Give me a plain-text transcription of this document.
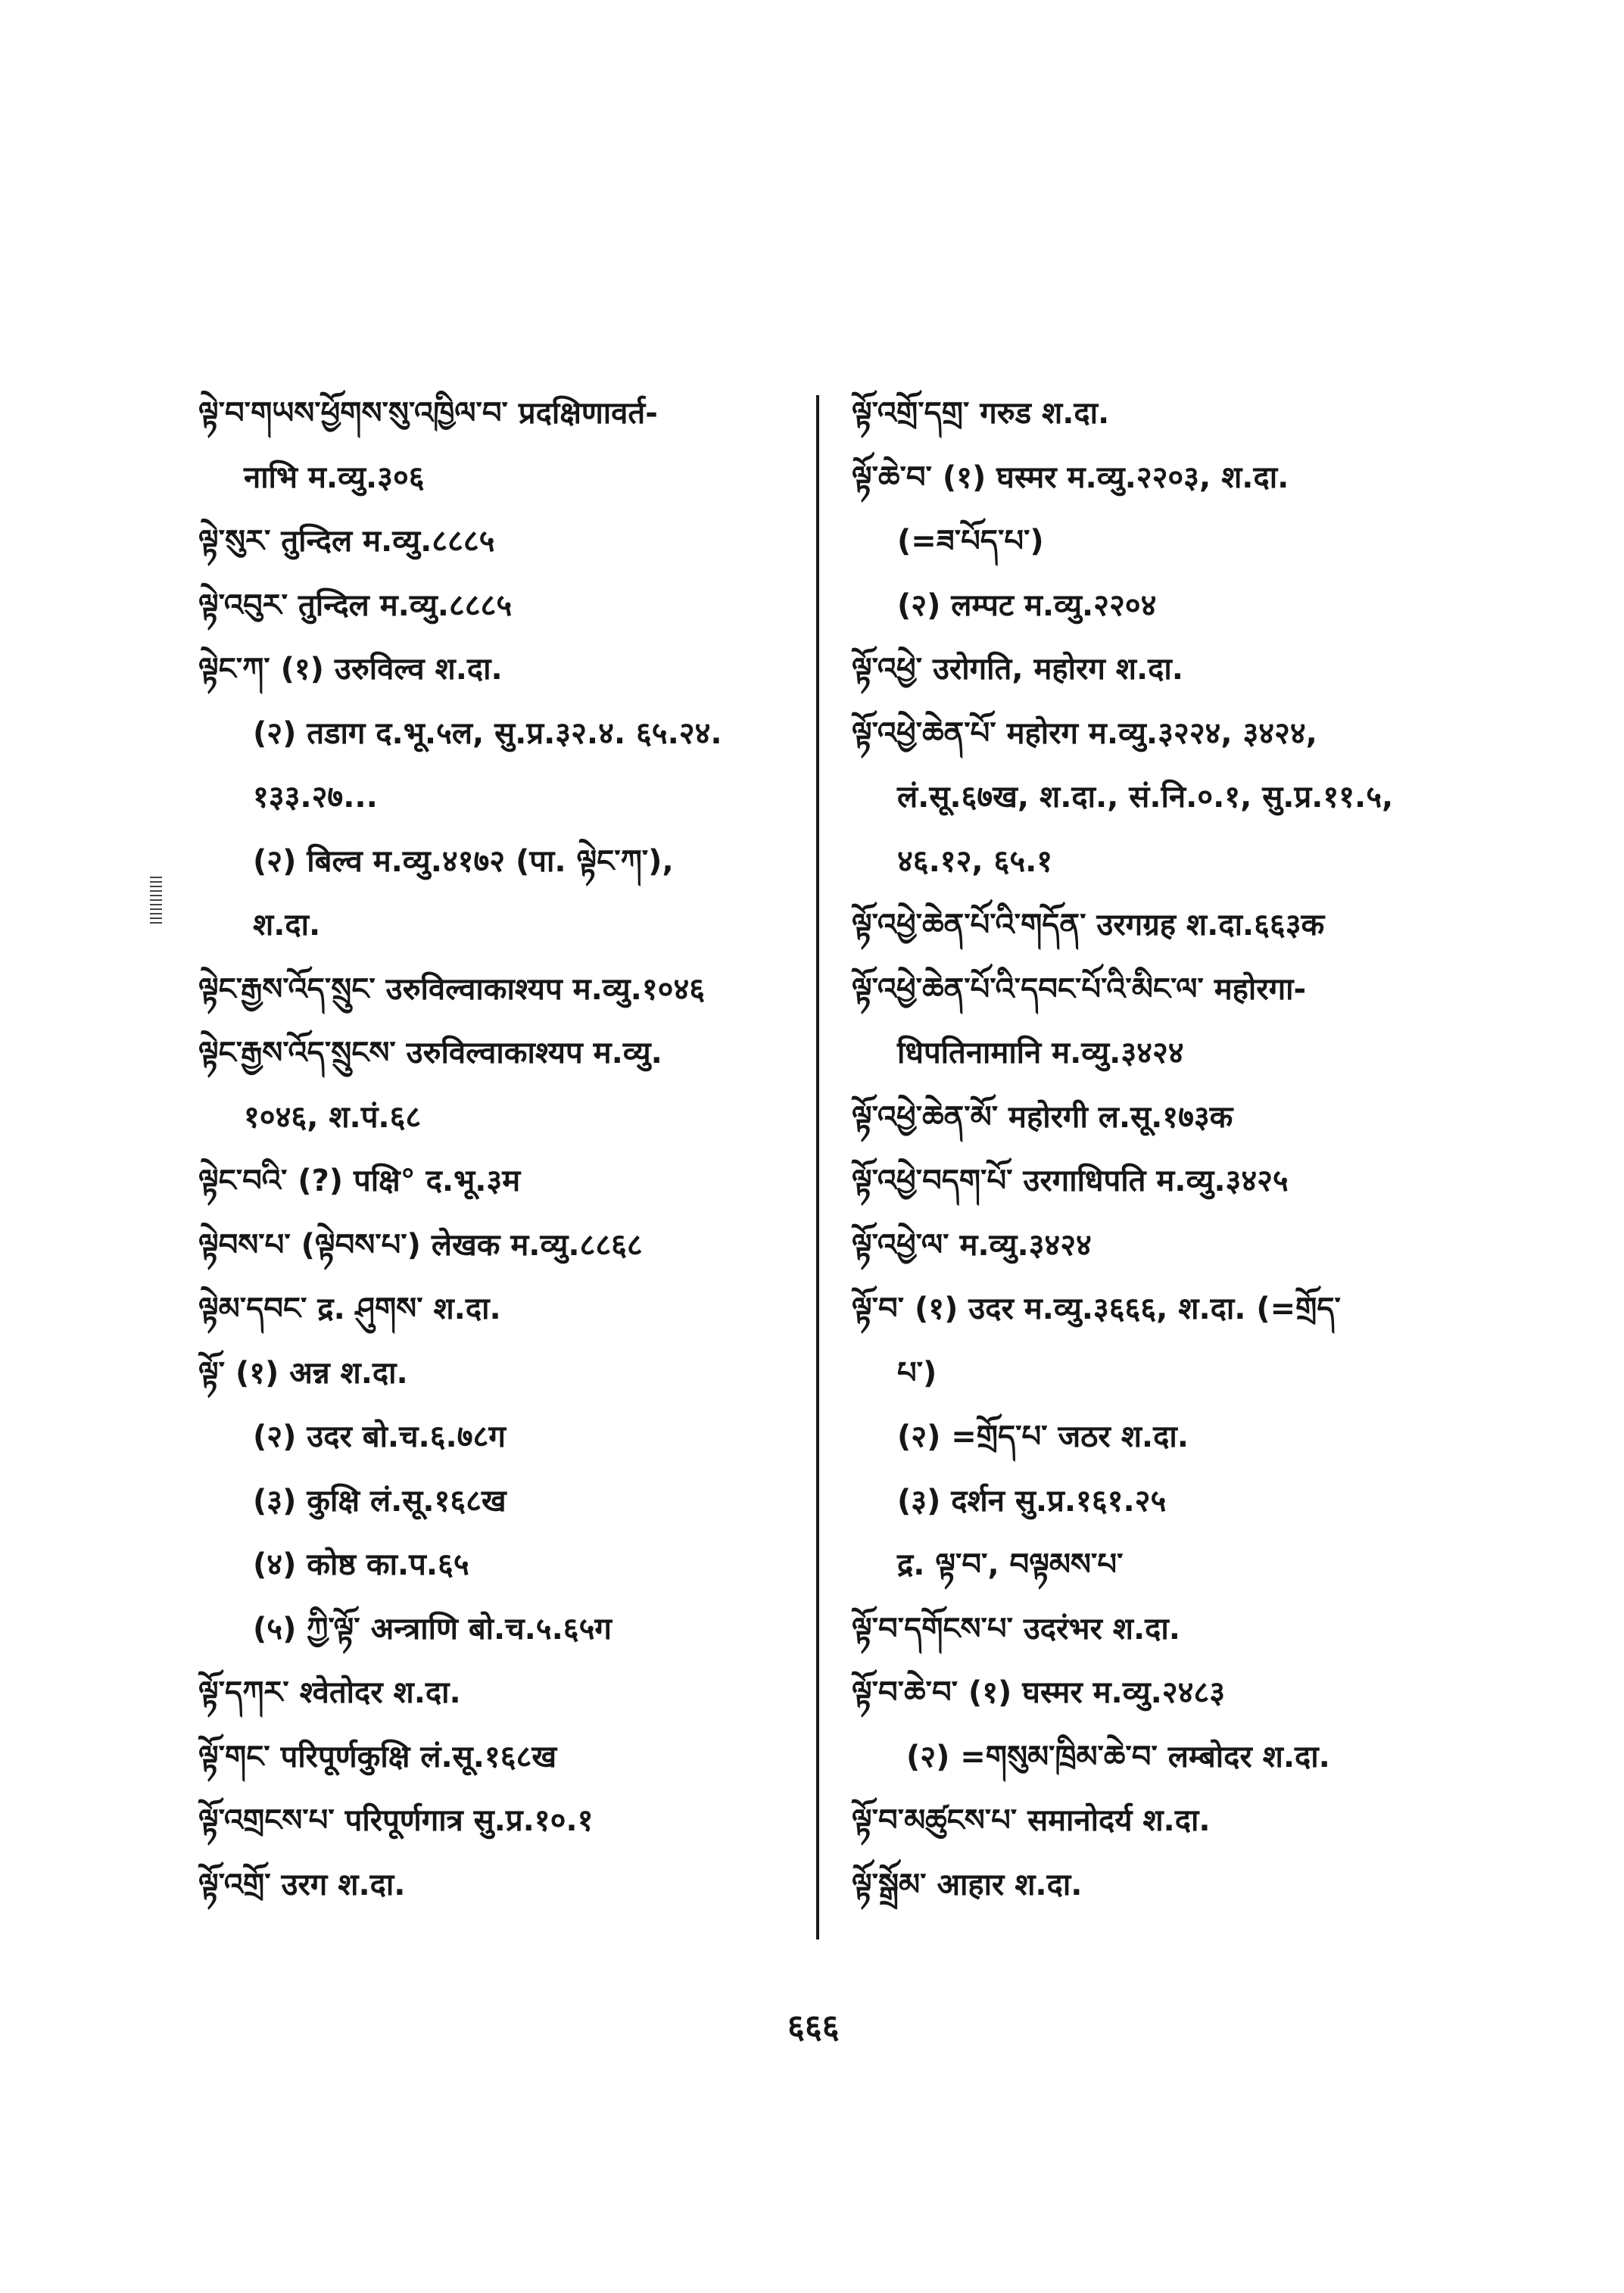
ལྟེ་བ་གཡས་ཕྱོགས་སུ་འཁྱིལ་བ་ प्रदक्षिणावर्त-
नाभि म.व्यु.३०६
ལྟེ་སུར་ तुन्दिल म.व्यु.८८८५
ལྟེ་འབུར་ तुन्दिल म.व्यु.८८८५
ལྟེང་ཀ་ (१) उरुविल्व श.दा.
(२) तडाग द.भू.५ल, सु.प्र.३२.४. ६५.२४.
१३३.२७...
(२) बिल्व म.व्यु.४१७२ (पा. ལྟེང་ཀ་),
श.दा.
ལྟེང་རྒྱས་འོད་སྲུང་ उरुविल्वाकाश्यप म.व्यु.१०४६
ལྟེང་རྒྱས་འོད་སྲུངས་ उरुविल्वाकाश्यप म.व्यु.
१०४६, श.पं.६८
ལྟེང་བའི་ (?) पक्षि° द.भू.३म
ལྟེབས་པ་ (ལྟེབས་པ་) लेखक म.व्यु.८८६८
ལྟེམ་དབང་ द्र. ཤུགས་ श.दा.
ལྟོ་ (१) अन्न श.दा.
(२) उदर बो.च.६.७८ग
(३) कुक्षि लं.सू.१६८ख
(४) कोष्ठ का.प.६५
(५) ཀྱི་ལྟོ་ अन्त्राणि बो.च.५.६५ग
ལྟོ་དཀར་ श्वेतोदर श.दा.
ལྟོ་གང་ परिपूर्णकुक्षि लं.सू.१६८ख
ལྟོ་འགྲངས་པ་ परिपूर्णगात्र सु.प्र.१०.१
ལྟོ་འགྲོ་ उरग श.दा.
ལྟོ་འགྲོ་དགྲ་ गरुड श.दा.
ལྟོ་ཆེ་བ་ (१) घस्मर म.व्यु.२२०३, श.दा.
(=ཟ་པོད་པ་)
(२) लम्पट म.व्यु.२२०४
ལྟོ་འཕྱེ་ उरोगति, महोरग श.दा.
ལྟོ་འཕྱེ་ཆེན་པོ་ महोरग म.व्यु.३२२४, ३४२४,
लं.सू.६७ख, श.दा., सं.नि.०.१, सु.प्र.११.५,
४६.१२, ६५.१
ལྟོ་འཕྱེ་ཆེན་པོ་འི་གདོན་ उरगग्रह श.दा.६६३क
ལྟོ་འཕྱེ་ཆེན་པོ་འི་དབང་པོ་འི་མིང་ལ་ महोरगा-
धिपतिनामानि म.व्यु.३४२४
ལྟོ་འཕྱེ་ཆེན་མོ་ महोरगी ल.सू.१७३क
ལྟོ་འཕྱེ་བདག་པོ་ उरगाधिपति म.व्यु.३४२५
ལྟོ་འཕྱེ་ལ་ म.व्यु.३४२४
ལྟོ་བ་ (१) उदर म.व्यु.३६६६, श.दा. (=གྲོད་
པ་)
(२) =གྲོད་པ་ जठर श.दा.
(३) दर्शन सु.प्र.१६१.२५
द्र. ལྟ་བ་, བལྟམས་པ་
ལྟོ་བ་དགོངས་པ་ उदरंभर श.दा.
ལྟོ་བ་ཆེ་བ་ (१) घस्मर म.व्यु.२४८३
(२) =གསུམ་ཁྲིམ་ཆེ་བ་ लम्बोदर श.दा.
ལྟོ་བ་མཚུངས་པ་ समानोदर्य श.दा.
ལྟོ་སྒྲོམ་ आहार श.दा.
६६६
